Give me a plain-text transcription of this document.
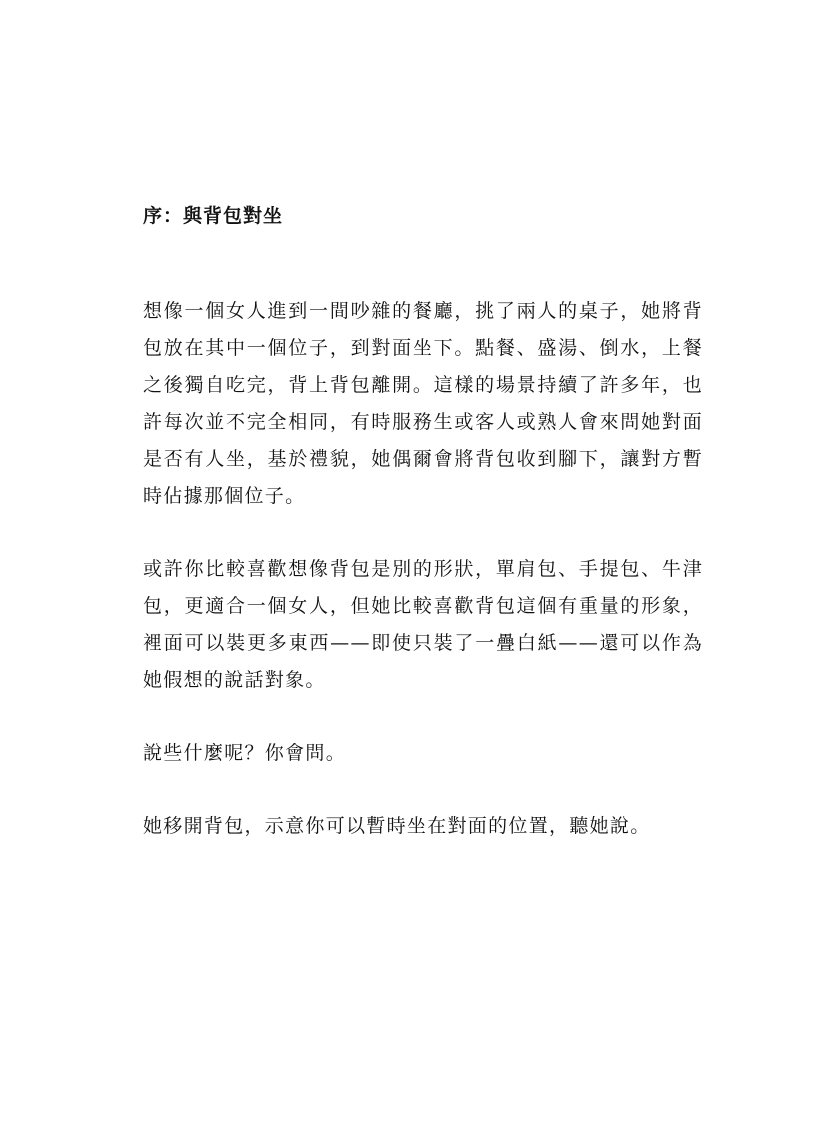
序：與背包對坐

想像一個女人進到一間吵雜的餐廳，挑了兩人的桌子，她將背包放在其中一個位子，到對面坐下。點餐、盛湯、倒水，上餐之後獨自吃完，背上背包離開。這樣的場景持續了許多年，也許每次並不完全相同，有時服務生或客人或熟人會來問她對面是否有人坐，基於禮貌，她偶爾會將背包收到腳下，讓對方暫時佔據那個位子。

或許你比較喜歡想像背包是別的形狀，單肩包、手提包、牛津包，更適合一個女人，但她比較喜歡背包這個有重量的形象，裡面可以裝更多東西——即使只裝了一疊白紙——還可以作為她假想的說話對象。

說些什麼呢？你會問。

她移開背包，示意你可以暫時坐在對面的位置，聽她說。
